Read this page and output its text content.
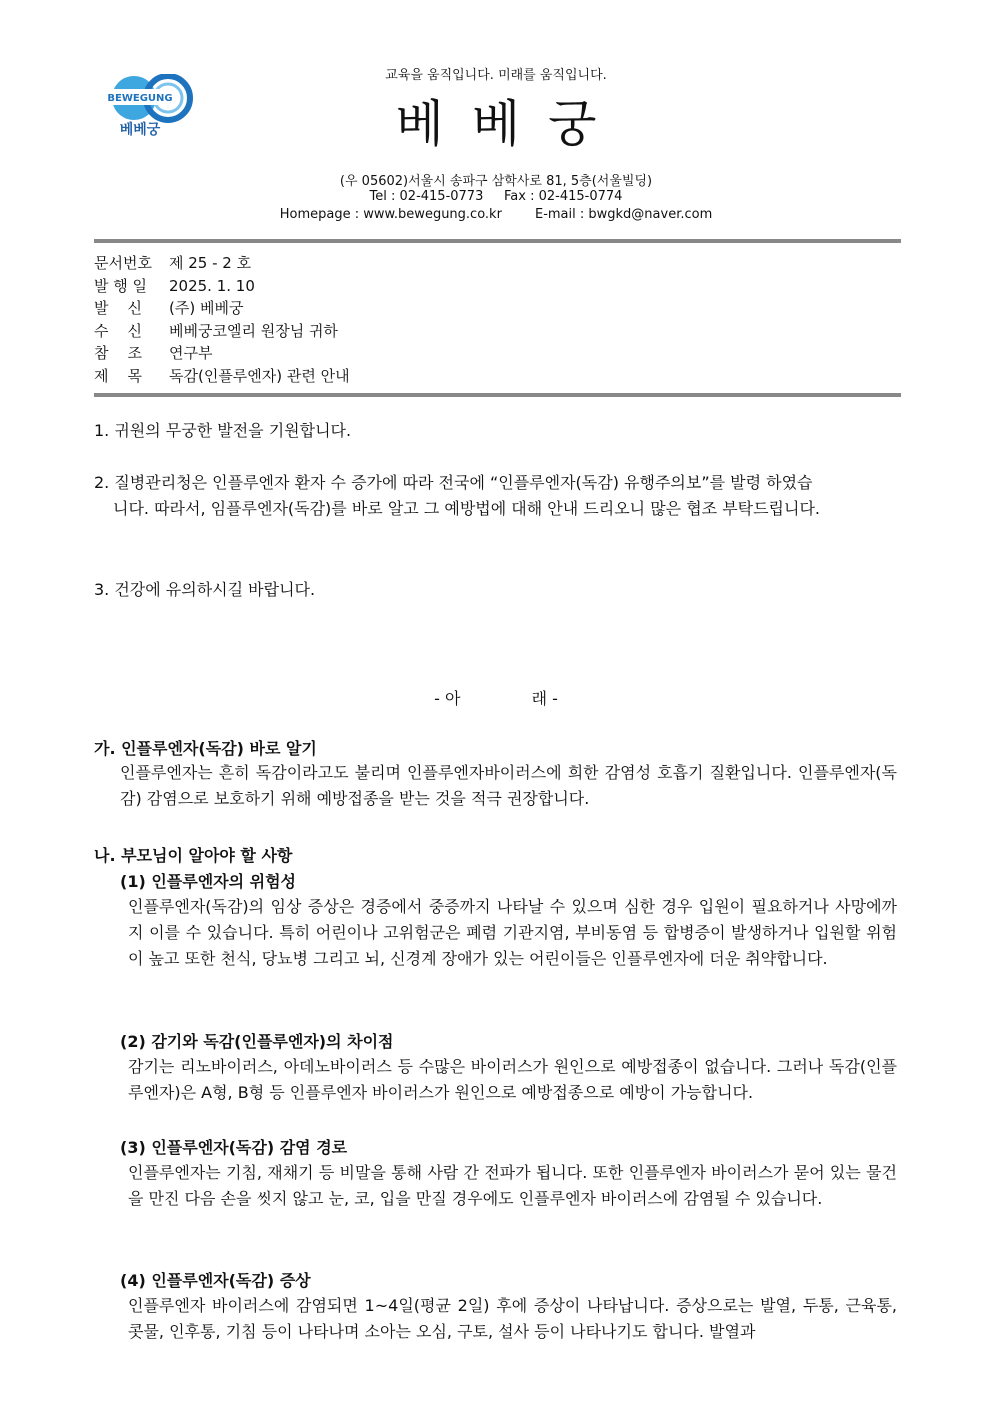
BEWEGUNG
베베궁
교육을 움직입니다. 미래를 움직입니다.
베베궁
(우 05602)서울시 송파구 삼학사로 81, 5층(서울빌딩)
Tel : 02-415-0773     Fax : 02-415-0774
Homepage : www.bewegung.co.kr        E-mail : bwgkd@naver.com
문서번호 제 25 - 2 호
발 행 일 2025. 1. 10
발    신 (주) 베베궁
수    신 베베궁코엘리 원장님 귀하
참    조 연구부
제    목 독감(인플루엔자) 관련 안내
1. 귀원의 무궁한 발전을 기원합니다.
2. 질병관리청은 인플루엔자 환자 수 증가에 따라 전국에 “인플루엔자(독감) 유행주의보”를 발령 하였습
니다. 따라서, 임플루엔자(독감)를 바로 알고 그 예방법에 대해 안내 드리오니 많은 협조 부탁드립니다.
3. 건강에 유의하시길 바랍니다.
- 아              래 -
가. 인플루엔자(독감) 바로 알기
인플루엔자는 흔히 독감이라고도 불리며 인플루엔자바이러스에 희한 감염성 호흡기 질환입니다. 인플루엔자(독감) 감염으로 보호하기 위해 예방접종을 받는 것을 적극 권장합니다.
나. 부모님이 알아야 할 사항
(1) 인플루엔자의 위험성
인플루엔자(독감)의 임상 증상은 경증에서 중증까지 나타날 수 있으며 심한 경우 입원이 필요하거나 사망에까지 이를 수 있습니다. 특히 어린이나 고위험군은 폐렴 기관지염, 부비동염 등 합병증이 발생하거나 입원할 위험이 높고 또한 천식, 당뇨병 그리고 뇌, 신경계 장애가 있는 어린이들은 인플루엔자에 더운 취약합니다.
(2) 감기와 독감(인플루엔자)의 차이점
감기는 리노바이러스, 아데노바이러스 등 수많은 바이러스가 원인으로 예방접종이 없습니다. 그러나 독감(인플루엔자)은 A형, B형 등 인플루엔자 바이러스가 원인으로 예방접종으로 예방이 가능합니다.
(3) 인플루엔자(독감) 감염 경로
인플루엔자는 기침, 재채기 등 비말을 통해 사람 간 전파가 됩니다. 또한 인플루엔자 바이러스가 묻어 있는 물건을 만진 다음 손을 씻지 않고 눈, 코, 입을 만질 경우에도 인플루엔자 바이러스에 감염될 수 있습니다.
(4) 인플루엔자(독감) 증상
인플루엔자 바이러스에 감염되면 1~4일(평균 2일) 후에 증상이 나타납니다. 증상으로는 발열, 두통, 근육통, 콧물, 인후통, 기침 등이 나타나며 소아는 오심, 구토, 설사 등이 나타나기도 합니다. 발열과
